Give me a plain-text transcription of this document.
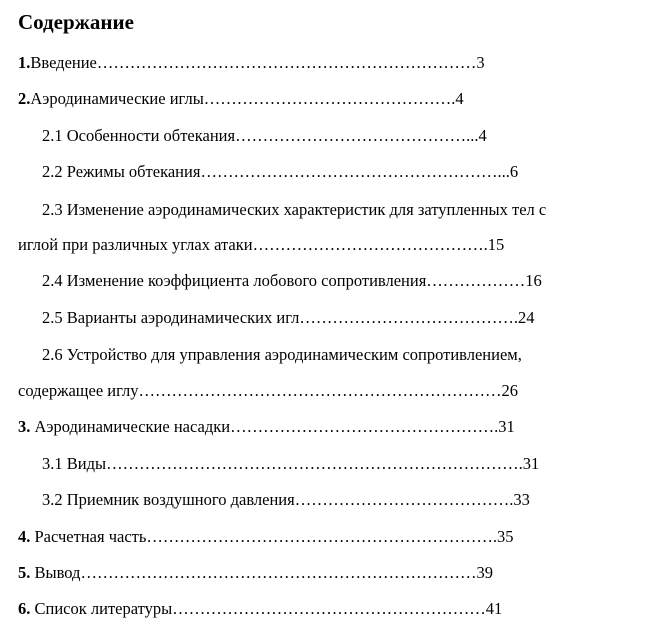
Содержание
1.Введение……………………………………………………………3
2.Аэродинамические иглы……………………………………….4
2.1 Особенности обтекания……………………………………...4
2.2 Режимы обтекания………………………………………………...6
2.3 Изменение аэродинамических характеристик для затупленных тел с
иглой при различных углах атаки…………………………………….15
2.4 Изменение коэффициента лобового сопротивления………………16
2.5 Варианты аэродинамических игл………………………………….24
2.6 Устройство для управления аэродинамическим сопротивлением,
содержащее иглу…………………………………………………………26
3. Аэродинамические насадки………………………………………….31
3.1 Виды………………………………………………………………….31
3.2 Приемник воздушного давления………………………………….33
4. Расчетная часть……………………………………………………….35
5. Вывод………………………………………………………………39
6. Список литературы…………………………………………………41
